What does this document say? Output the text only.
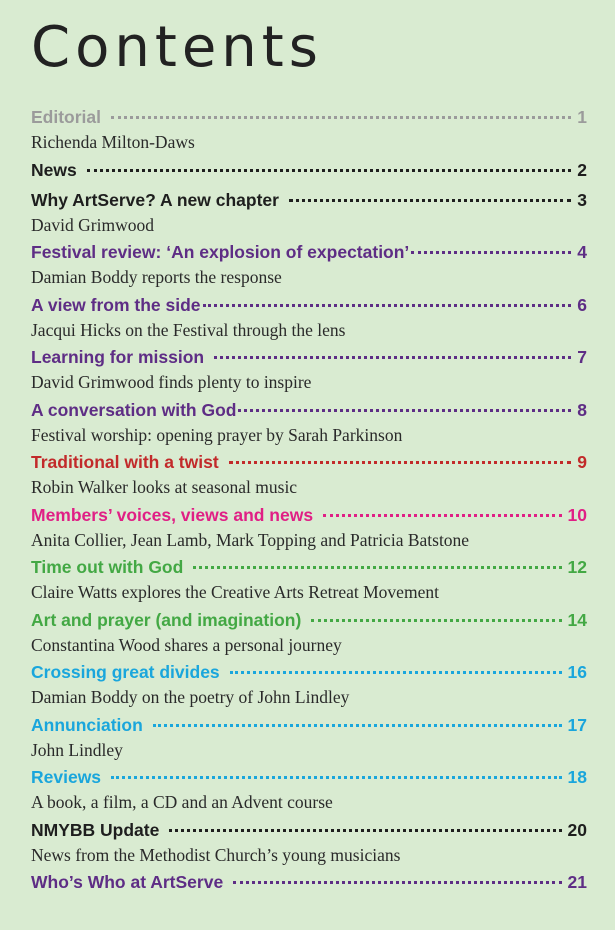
Contents
Editorial	1
Richenda Milton-Daws
News	2
Why ArtServe? A new chapter	3
David Grimwood
Festival review: ‘An explosion of expectation’	4
Damian Boddy reports the response
A view from the side	6
Jacqui Hicks on the Festival through the lens
Learning for mission	7
David Grimwood finds plenty to inspire
A conversation with God	8
Festival worship: opening prayer by Sarah Parkinson
Traditional with a twist	9
Robin Walker looks at seasonal music
Members’ voices, views and news	10
Anita Collier, Jean Lamb, Mark Topping and Patricia Batstone
Time out with God	12
Claire Watts explores the Creative Arts Retreat Movement
Art and prayer (and imagination)	14
Constantina Wood shares a personal journey
Crossing great divides	16
Damian Boddy on the poetry of John Lindley
Annunciation	17
John Lindley
Reviews	18
A book, a film, a CD and an Advent course
NMYBB Update	20
News from the Methodist Church’s young musicians
Who’s Who at ArtServe	21
